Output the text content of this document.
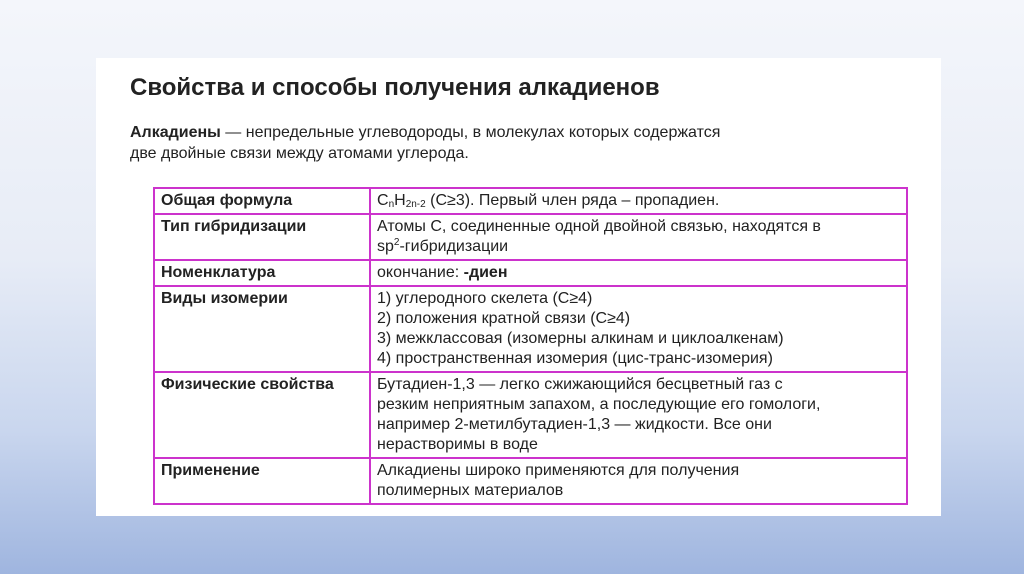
Свойства и способы получения алкадиенов
Алкадиены — непредельные углеводороды, в молекулах которых содержатся
две двойные связи между атомами углерода.
Общая формула	$C_nH_{2n-2}$ (C≥3). Первый член ряда – пропадиен.
Тип гибридизации	Атомы C, соединенные одной двойной связью, находятся в
$sp^2$-гибридизации

Номенклатура	окончание: -диен
Виды изомерии	1) углеродного скелета (C≥4)
2) положения кратной связи (C≥4)
3) межклассовая (изомерны алкинам и циклоалкенам)
4) пространственная изомерия (цис-транс-изомерия)

Физические свойства	Бутадиен-1,3 — легко сжижающийся бесцветный газ с
резким неприятным запахом, а последующие его гомологи,
например 2-метилбутадиен-1,3 — жидкости. Все они
нерастворимы в воде

Применение	Алкадиены широко применяются для получения
полимерных материалов
